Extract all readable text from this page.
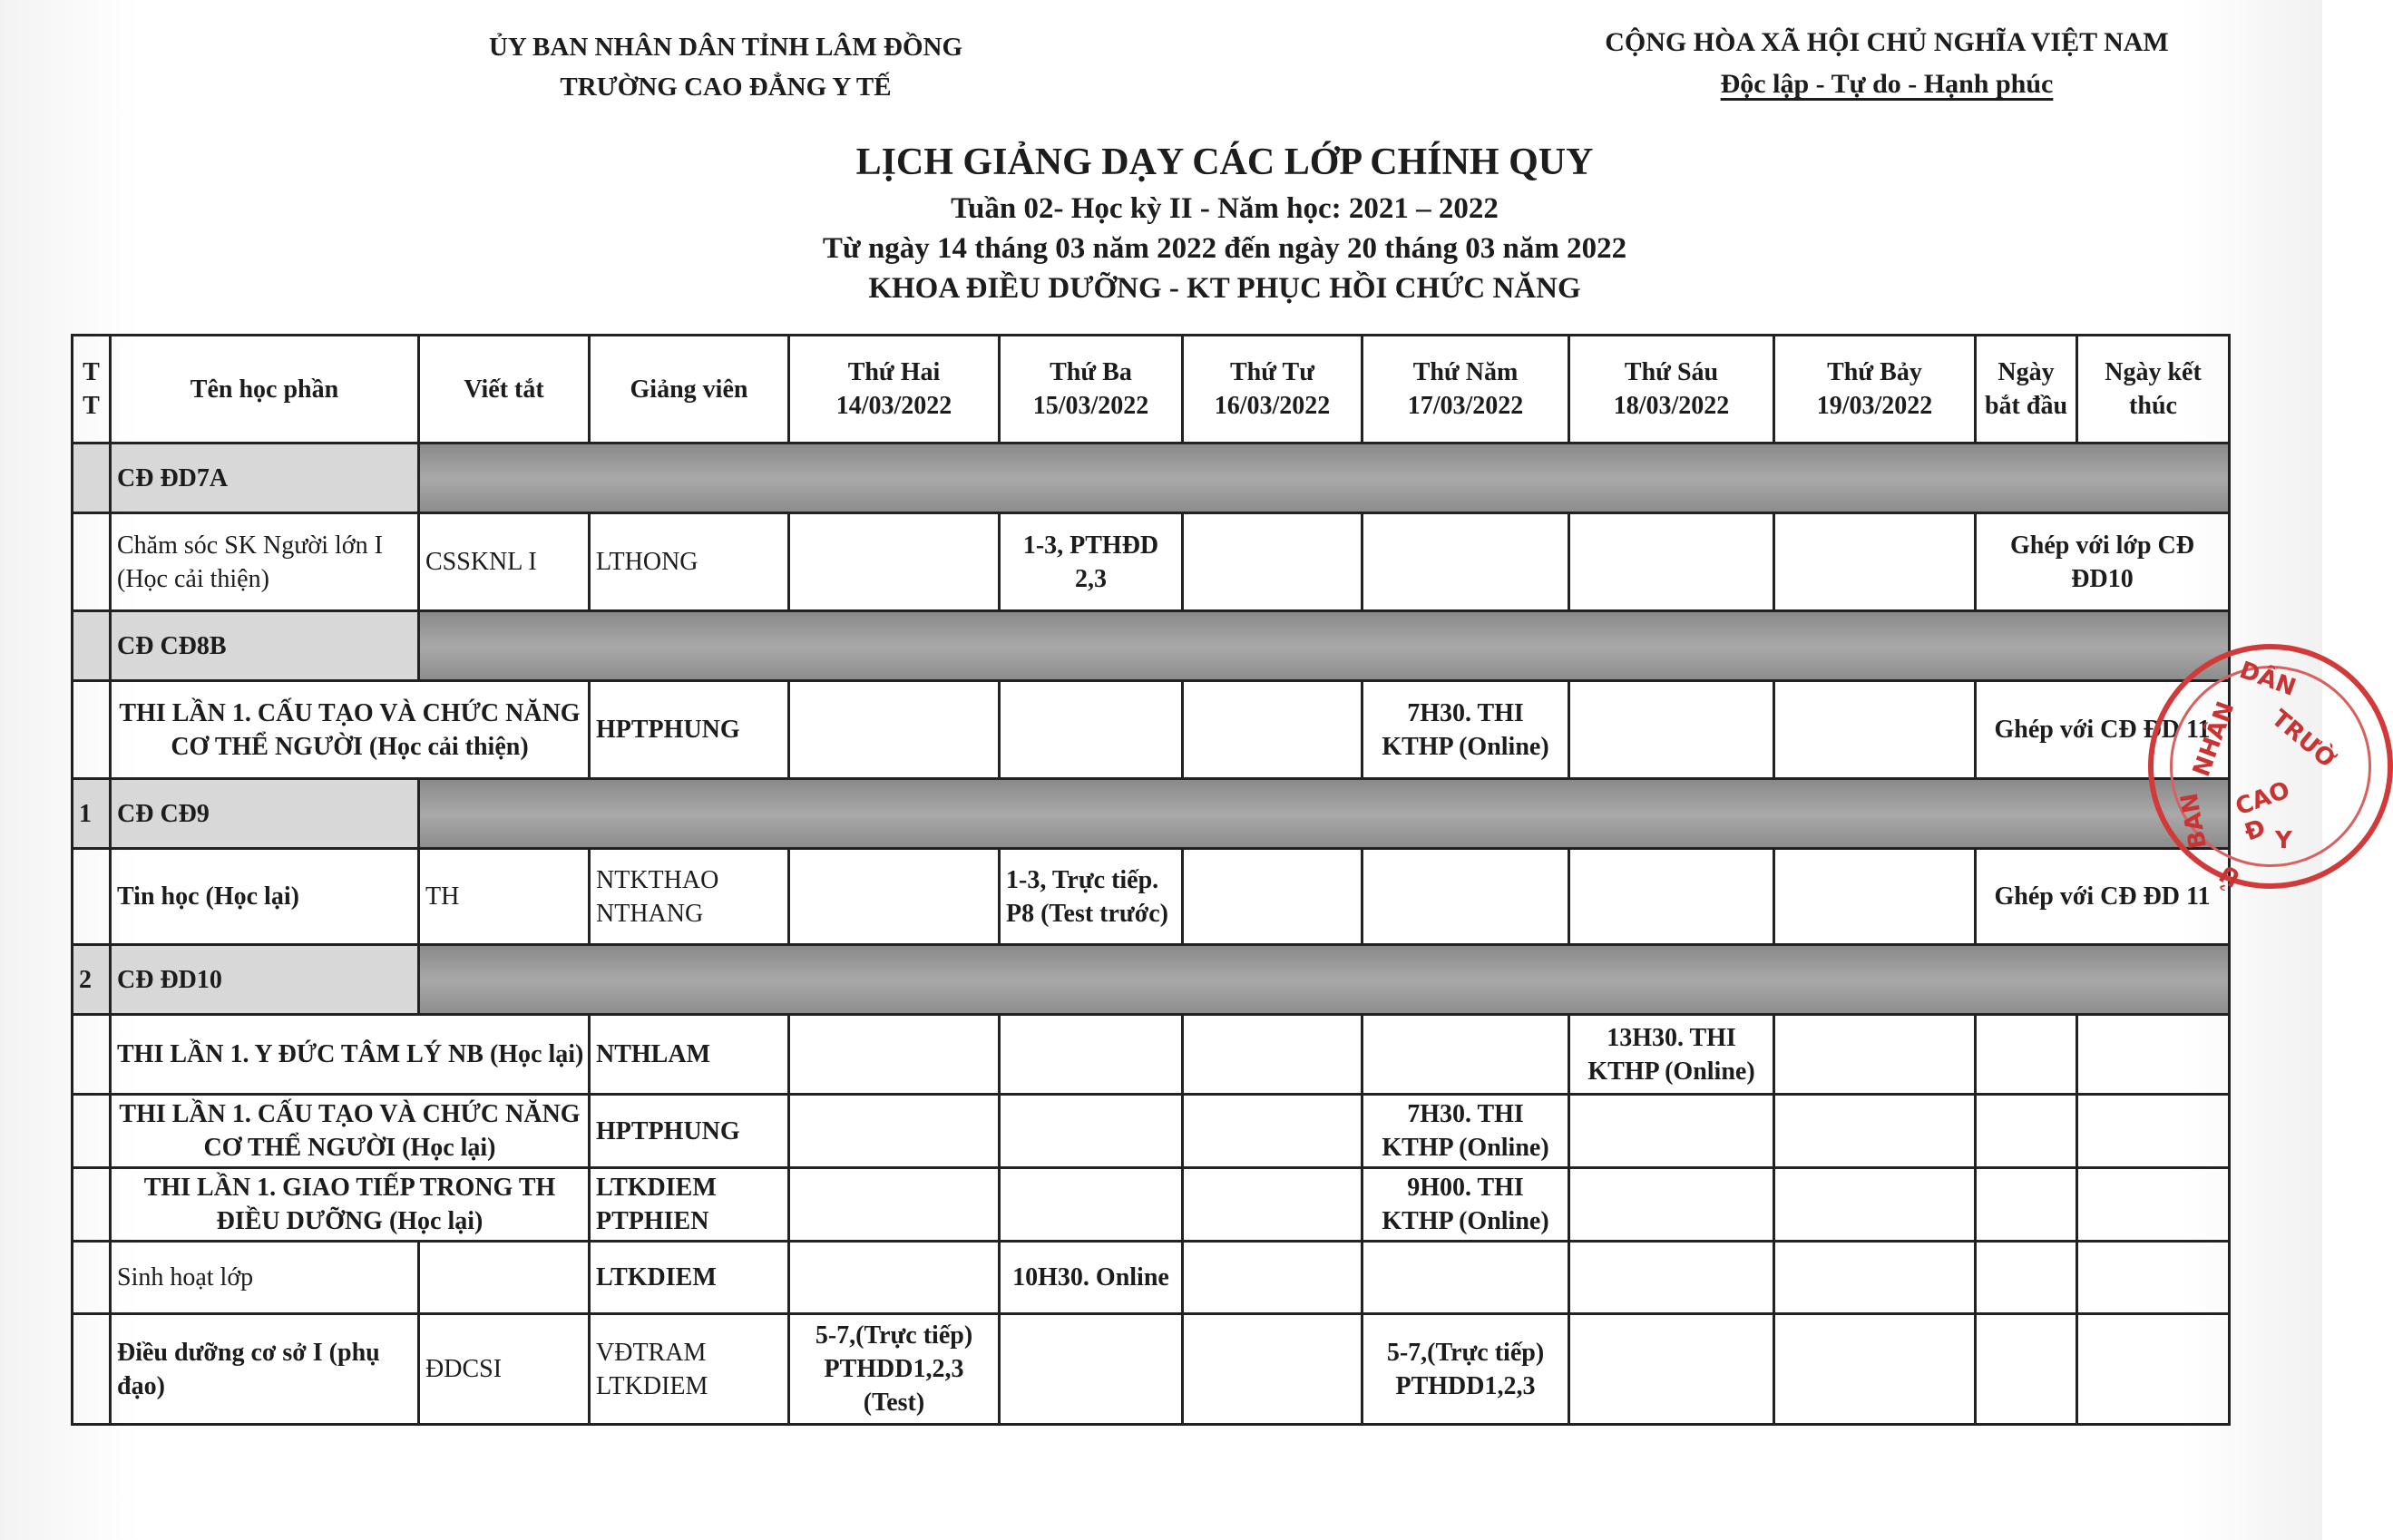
ỦY BAN NHÂN DÂN TỈNH LÂM ĐỒNG
TRƯỜNG CAO ĐẲNG Y TẾ
CỘNG HÒA XÃ HỘI CHỦ NGHĨA VIỆT NAM
Độc lập - Tự do - Hạnh phúc
LỊCH GIẢNG DẠY CÁC LỚP CHÍNH QUY
Tuần 02- Học kỳ II - Năm học: 2021 – 2022
Từ ngày 14 tháng 03 năm 2022 đến ngày 20 tháng 03 năm 2022
KHOA ĐIỀU DƯỠNG - KT PHỤC HỒI CHỨC NĂNG
T T	Tên học phần	Viết tắt	Giảng viên	Thứ Hai 14/03/2022	Thứ Ba 15/03/2022	Thứ Tư 16/03/2022	Thứ Năm 17/03/2022	Thứ Sáu 18/03/2022	Thứ Bảy 19/03/2022	Ngày bắt đầu	Ngày kết thúc
	CĐ ĐD7A										
	Chăm sóc SK Người lớn I (Học cải thiện)	CSSKNL I	LTHONG		1-3, PTHĐD 2,3					Ghép với lớp CĐ ĐD10	
	CĐ CĐ8B										
	THI LẦN 1. CẤU TẠO VÀ CHỨC NĂNG CƠ THỂ NGƯỜI (Học cải thiện)		HPTPHUNG				7H30. THI KTHP (Online)			Ghép với CĐ ĐD 11	
1	CĐ CĐ9										
	Tin học (Học lại)	TH	NTKTHAO NTHANG		1-3, Trực tiếp. P8 (Test trước)					Ghép với CĐ ĐD 11	
2	CĐ ĐD10										
	THI LẦN 1. Y ĐỨC TÂM LÝ NB (Học lại)		NTHLAM					13H30. THI KTHP (Online)			
	THI LẦN 1. CẤU TẠO VÀ CHỨC NĂNG CƠ THỂ NGƯỜI (Học lại)		HPTPHUNG				7H30. THI KTHP (Online)				
	THI LẦN 1. GIAO TIẾP TRONG TH ĐIỀU DƯỠNG (Học lại)		LTKDIEM PTPHIEN				9H00. THI KTHP (Online)				
	Sinh hoạt lớp		LTKDIEM		10H30. Online						
	Điều dưỡng cơ sở I (phụ đạo)	ĐDCSI	VĐTRAM LTKDIEM	5-7,(Trực tiếp) PTHDD1,2,3 (Test)			5-7,(Trực tiếp) PTHDD1,2,3				
DÂN
TRƯỜ
CAO Đ Y
NHÂN
BAN
Ủ
